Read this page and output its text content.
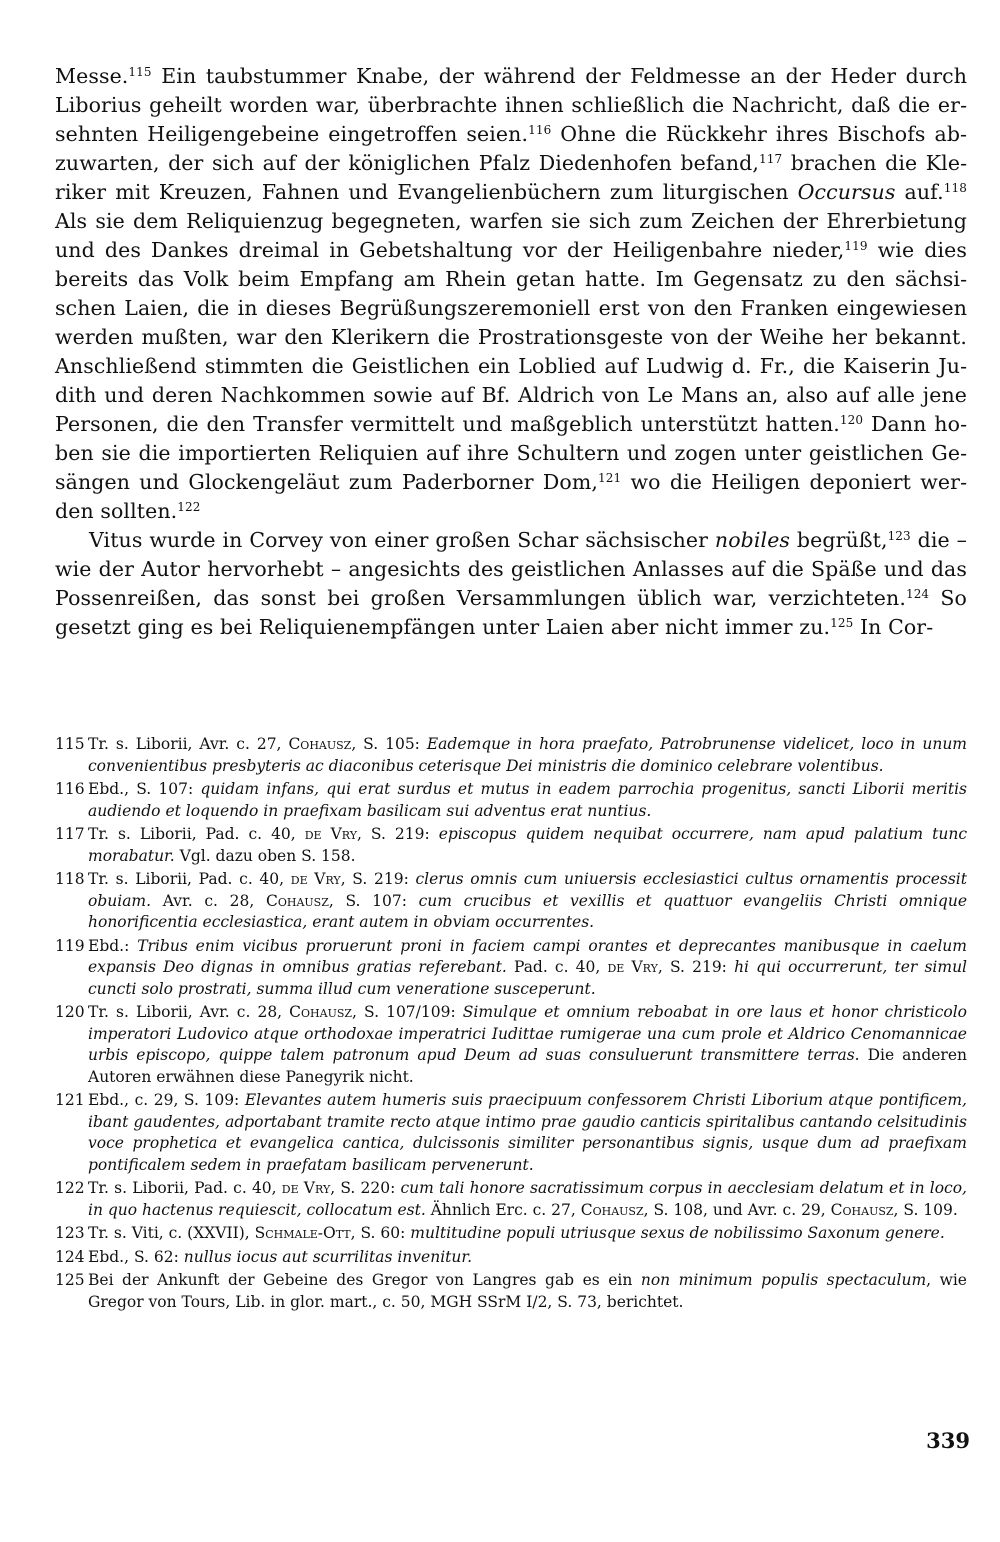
Messe.$^{115}$ Ein taubstummer Knabe, der während der Feldmesse an der Heder durch Liborius geheilt worden war, überbrachte ihnen schließlich die Nachricht, daß die ersehnten Heiligengebeine eingetroffen seien.$^{116}$ Ohne die Rückkehr ihres Bischofs abzuwarten, der sich auf der königlichen Pfalz Diedenhofen befand,$^{117}$ brachen die Kleriker mit Kreuzen, Fahnen und Evangelienbüchern zum liturgischen Occursus auf.$^{118}$ Als sie dem Reliquienzug begegneten, warfen sie sich zum Zeichen der Ehrerbietung und des Dankes dreimal in Gebetshaltung vor der Heiligenbahre nieder,$^{119}$ wie dies bereits das Volk beim Empfang am Rhein getan hatte. Im Gegensatz zu den sächsischen Laien, die in dieses Begrüßungszeremoniell erst von den Franken eingewiesen werden mußten, war den Klerikern die Prostrationsgeste von der Weihe her bekannt. Anschließend stimmten die Geistlichen ein Loblied auf Ludwig d. Fr., die Kaiserin Judith und deren Nachkommen sowie auf Bf. Aldrich von Le Mans an, also auf alle jene Personen, die den Transfer vermittelt und maßgeblich unterstützt hatten.$^{120}$ Dann hoben sie die importierten Reliquien auf ihre Schultern und zogen unter geistlichen Gesängen und Glockengeläut zum Paderborner Dom,$^{121}$ wo die Heiligen deponiert werden sollten.$^{122}$

Vitus wurde in Corvey von einer großen Schar sächsischer nobiles begrüßt,$^{123}$ die – wie der Autor hervorhebt – angesichts des geistlichen Anlasses auf die Späße und das Possenreißen, das sonst bei großen Versammlungen üblich war, verzichteten.$^{124}$ So gesetzt ging es bei Reliquienempfängen unter Laien aber nicht immer zu.$^{125}$ In Cor-

115 Tr. s. Liborii, Avr. c. 27, Cohausz, S. 105: Eademque in hora praefato, Patrobrunense videlicet, loco in unum convenientibus presbyteris ac diaconibus ceterisque Dei ministris die dominico celebrare volentibus.
116 Ebd., S. 107: quidam infans, qui erat surdus et mutus in eadem parrochia progenitus, sancti Liborii meritis audiendo et loquendo in praefixam basilicam sui adventus erat nuntius.
117 Tr. s. Liborii, Pad. c. 40, de Vry, S. 219: episcopus quidem nequibat occurrere, nam apud palatium tunc morabatur. Vgl. dazu oben S. 158.
118 Tr. s. Liborii, Pad. c. 40, de Vry, S. 219: clerus omnis cum uniuersis ecclesiastici cultus ornamentis processit obuiam. Avr. c. 28, Cohausz, S. 107: cum crucibus et vexillis et quattuor evangeliis Christi omnique honorificentia ecclesiastica, erant autem in obviam occurrentes.
119 Ebd.: Tribus enim vicibus proruerunt proni in faciem campi orantes et deprecantes manibusque in caelum expansis Deo dignas in omnibus gratias referebant. Pad. c. 40, de Vry, S. 219: hi qui occurrerunt, ter simul cuncti solo prostrati, summa illud cum veneratione susceperunt.
120 Tr. s. Liborii, Avr. c. 28, Cohausz, S. 107/109: Simulque et omnium reboabat in ore laus et honor christicolo imperatori Ludovico atque orthodoxae imperatrici Iudittae rumigerae una cum prole et Aldrico Cenomannicae urbis episcopo, quippe talem patronum apud Deum ad suas consuluerunt transmittere terras. Die anderen Autoren erwähnen diese Panegyrik nicht.
121 Ebd., c. 29, S. 109: Elevantes autem humeris suis praecipuum confessorem Christi Liborium atque pontificem, ibant gaudentes, adportabant tramite recto atque intimo prae gaudio canticis spiritalibus cantando celsitudinis voce prophetica et evangelica cantica, dulcissonis similiter personantibus signis, usque dum ad praefixam pontificalem sedem in praefatam basilicam pervenerunt.
122 Tr. s. Liborii, Pad. c. 40, de Vry, S. 220: cum tali honore sacratissimum corpus in aecclesiam delatum et in loco, in quo hactenus requiescit, collocatum est. Ähnlich Erc. c. 27, Cohausz, S. 108, und Avr. c. 29, Cohausz, S. 109.
123 Tr. s. Viti, c. (XXVII), Schmale-Ott, S. 60: multitudine populi utriusque sexus de nobilissimo Saxonum genere.
124 Ebd., S. 62: nullus iocus aut scurrilitas invenitur.
125 Bei der Ankunft der Gebeine des Gregor von Langres gab es ein non minimum populis spectaculum, wie Gregor von Tours, Lib. in glor. mart., c. 50, MGH SSrM I/2, S. 73, berichtet.
339
